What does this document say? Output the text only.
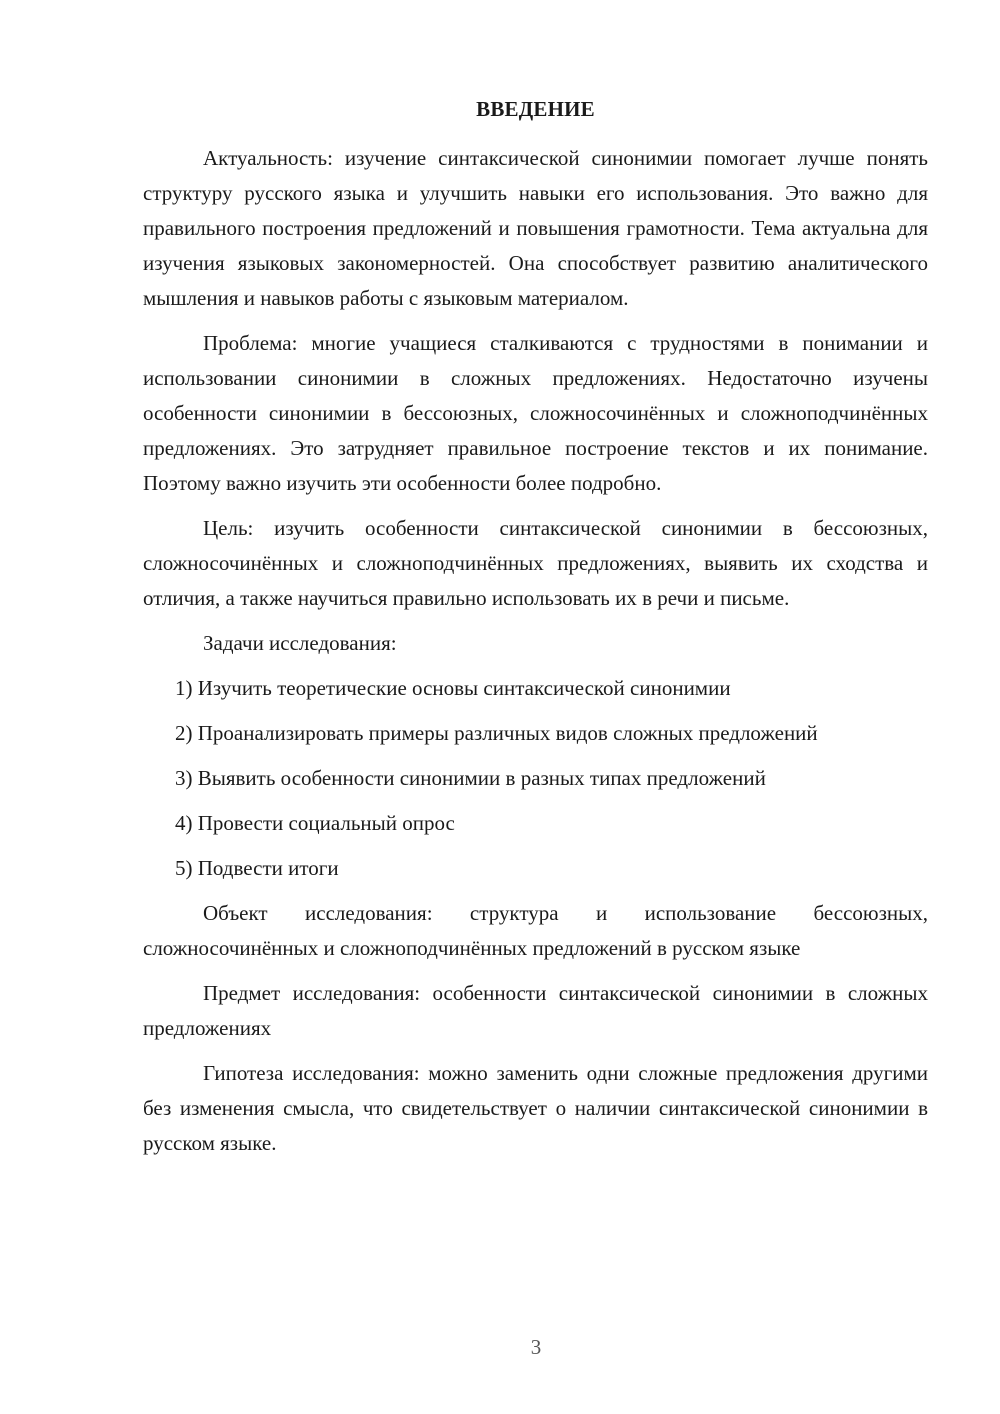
ВВЕДЕНИЕ

Актуальность: изучение синтаксической синонимии помогает лучше понять структуру русского языка и улучшить навыки его использования. Это важно для правильного построения предложений и повышения грамотности. Тема актуальна для изучения языковых закономерностей. Она способствует развитию аналитического мышления и навыков работы с языковым материалом.

Проблема: многие учащиеся сталкиваются с трудностями в понимании и использовании синонимии в сложных предложениях. Недостаточно изучены особенности синонимии в бессоюзных, сложносочинённых и сложноподчинённых предложениях. Это затрудняет правильное построение текстов и их понимание. Поэтому важно изучить эти особенности более подробно.

Цель: изучить особенности синтаксической синонимии в бессоюзных, сложносочинённых и сложноподчинённых предложениях, выявить их сходства и отличия, а также научиться правильно использовать их в речи и письме.

Задачи исследования:

1) Изучить теоретические основы синтаксической синонимии

2) Проанализировать примеры различных видов сложных предложений

3) Выявить особенности синонимии в разных типах предложений

4) Провести социальный опрос

5) Подвести итоги

Объект исследования: структура и использование бессоюзных, сложносочинённых и сложноподчинённых предложений в русском языке

Предмет исследования: особенности синтаксической синонимии в сложных предложениях

Гипотеза исследования: можно заменить одни сложные предложения другими без изменения смысла, что свидетельствует о наличии синтаксической синонимии в русском языке.

3
